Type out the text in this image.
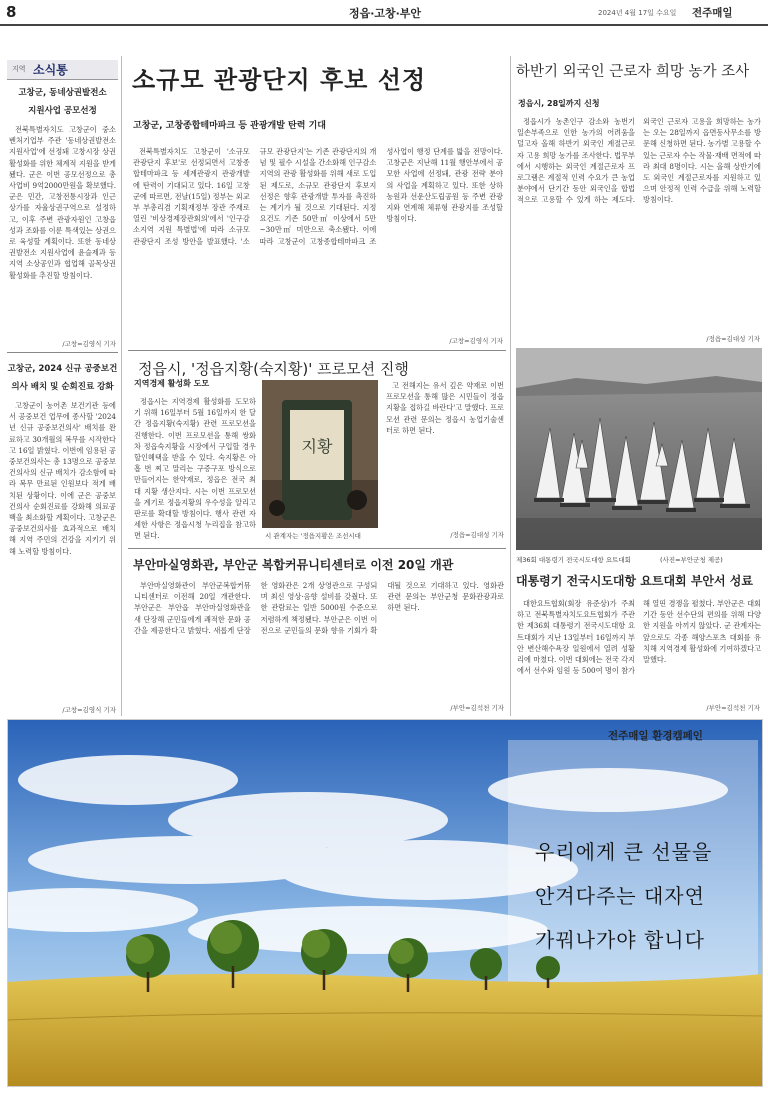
8	정읍·고창·부안	2024년 4월 17일 수요일 전주매일
지역 소식통
고창군, 동네상권발전소
지원사업 공모선정

전북특별자치도 고창군이 중소벤처기업부 주관 '동네상권발전소 지원사업'에 선정돼 고창시장 상권활성화를 위한 체계적 지원을 받게 됐다. 군은 이번 공모선정으로 총사업비 9억2000만원을 확보했다. 군은 민간, 고창전통시장과 인근 상가를 자율상권구역으로 설정하고, 이후 주변 관광자원인 고창읍성과 조화를 이룬 특색있는 상권으로 육성할 계획이다. 또한 동네상권발전소 지원사업에 윤슬제과 등 지역 소상공인과 협업해 골목상권 활성화를 추진할 방침이다.

/고창=김영식 기자
고창군, 2024 신규 공중보건
의사 배치 및 순회진료 강화

고창군이 농어촌 보건기관 등에서 공중보건 업무에 종사할 '2024년 신규 공중보건의사' 배치를 완료하고 30개월의 복무를 시작한다고 16일 밝혔다. 이번에 임용된 공중보건의사는 총 13명으로 공중보건의사의 신규 배치가 감소함에 따라 복무 만료된 인원보다 적게 배치된 상황이다. 이에 군은 공중보건의사 순회진료를 강화해 의료공백을 최소화할 계획이다. 고창군은 공중보건의사를 효과적으로 배치해 지역 주민의 건강을 지키기 위해 노력할 방침이다.

/고창=김영식 기자
소규모 관광단지 후보 선정
고창군, 고창종합테마파크 등 관광개발 탄력 기대

전북특별자치도 고창군이 '소규모 관광단지 후보'로 선정되면서 고창종합테마파크 등 세계관광지 관광개발에 탄력이 기대되고 있다. 16일 고창군에 따르면, 전날(15일) 정부는 외교부 부총리겸 기획재정부 장관 주재로 열린 '비상경제장관회의'에서 '인구감소지역 지원 특별법'에 따라 소규모 관광단지 조성 방안을 발표했다. '소규모 관광단지'는 기존 관광단지의 개념 및 필수 시설을 간소화해 인구감소지역의 관광 활성화를 위해 새로 도입된 제도로, 소규모 관광단지 후보지 선정은 향후 관광개발 투자를 촉진하는 계기가 될 것으로 기대된다. 지정요건도 기존 50만㎡ 이상에서 5만~30만㎡ 미만으로 축소됐다. 이에 따라 고창군이 고창종합테마파크 조성사업이 행정 단계를 밟을 전망이다. 고창군은 지난해 11월 행안부에서 공모한 사업에 선정돼, 관광 전략 분야의 사업을 계획하고 있다. 또한 상하 농원과 선운산도립공원 등 주변 관광지와 연계해 체류형 관광지를 조성할 방침이다.

/고창=김영식 기자
하반기 외국인 근로자 희망 농가 조사
정읍시, 28일까지 신청

정읍시가 농촌인구 감소와 농번기 일손부족으로 인한 농가의 어려움을 덜고자 올해 하반기 외국인 계절근로자 고용 희망 농가를 조사한다. 법무부에서 시행하는 외국인 계절근로자 프로그램은 계절적 인력 수요가 큰 농업분야에서 단기간 동안 외국인을 합법적으로 고용할 수 있게 하는 제도다. 외국인 근로자 고용을 희망하는 농가는 오는 28일까지 읍면동사무소를 방문해 신청하면 된다. 농가별 고용할 수 있는 근로자 수는 작물·재배 면적에 따라 최대 8명이다. 시는 올해 상반기에도 외국인 계절근로자를 지원하고 있으며 안정적 인력 수급을 위해 노력할 방침이다.

/정읍=김대성 기자
제36회 대통령기 전국시도대항 요트대회	(사진=부안군청 제공)
대통령기 전국시도대항 요트대회 부안서 성료

대한요트협회(회장 유준상)가 주최하고 전북특별자치도요트협회가 주관한 제36회 대통령기 전국시도대항 요트대회가 지난 13일부터 16일까지 부안 변산해수욕장 일원에서 열려 성황리에 마쳤다. 이번 대회에는 전국 각지에서 선수와 임원 등 500여 명이 참가해 열띤 경쟁을 펼쳤다. 부안군은 대회 기간 동안 선수단의 편의를 위해 다양한 지원을 아끼지 않았다. 군 관계자는 앞으로도 각종 해양스포츠 대회를 유치해 지역경제 활성화에 기여하겠다고 말했다.

/부안=김석천 기자
정읍시, '정읍지황(숙지황)' 프로모션 진행
지역경제 활성화 도모

정읍시는 지역경제 활성화를 도모하기 위해 16일부터 5월 16일까지 한 달간 정읍지황(숙지황) 관련 프로모션을 진행한다. 이번 프로모션을 통해 쌍화차 정읍숙지황을 시장에서 구입할 경우 할인혜택을 받을 수 있다. 숙지황은 아홉 번 찌고 말리는 구증구포 방식으로 만들어지는 한약재로, 정읍은 전국 최대 지황 생산지다. 시는 이번 프로모션을 계기로 정읍지황의 우수성을 알리고 판로를 확대할 방침이다. 행사 관련 자세한 사항은 정읍시청 누리집을 참고하면 된다.

지황
시 관계자는 '정읍지황은 조선시대

고 전해지는 유서 깊은 약재로 이번 프로모션을 통해 많은 시민들이 정읍지황을 접하길 바란다'고 말했다. 프로모션 관련 문의는 정읍시 농업기술센터로 하면 된다.

/정읍=김대성 기자
부안마실영화관, 부안군 복합커뮤니티센터로 이전 20일 개관

부안마실영화관이 부안군복합커뮤니티센터로 이전해 20일 개관한다. 부안군은 부안읍 부안마실영화관을 새 단장해 군민들에게 쾌적한 문화 공간을 제공한다고 밝혔다. 새롭게 단장한 영화관은 2개 상영관으로 구성되며 최신 영상·음향 설비를 갖췄다. 또한 관람료는 일반 5000원 수준으로 저렴하게 책정됐다. 부안군은 이번 이전으로 군민들의 문화 향유 기회가 확대될 것으로 기대하고 있다. 영화관 관련 문의는 부안군청 문화관광과로 하면 된다.

/부안=김석천 기자
전주매일 환경캠페인
우리에게 큰 선물을
안겨다주는 대자연
가꿔나가야 합니다
